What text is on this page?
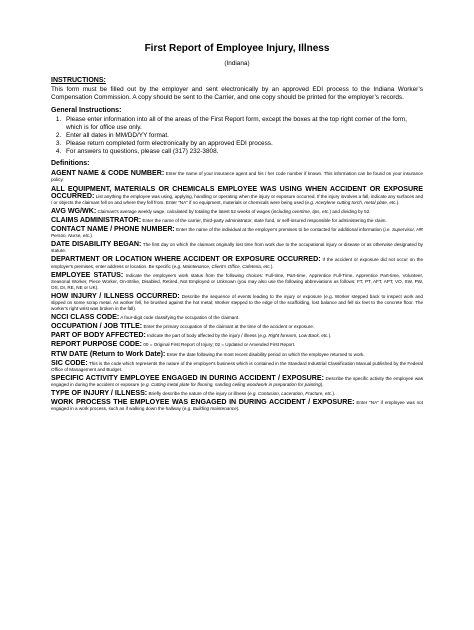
First Report of Employee Injury, Illness

(Indiana)

INSTRUCTIONS:

This form must be filled out by the employer and sent electronically by an approved EDI process to the Indiana Worker’s Compensation Commission. A copy should be sent to the Carrier, and one copy should be printed for the employer’s records.

General Instructions:

1. Please enter information into all of the areas of the First Report form, except the boxes at the top right corner of the form, which is for office use only.
2. Enter all dates in MM/DD/YY format.
3. Please return completed form electronically by an approved EDI process.
4. For answers to questions, please call (317) 232-3808.

Definitions:

AGENT NAME & CODE NUMBER: Enter the name of your insurance agent and his / her code number if known. This information can be found on your insurance policy.

ALL EQUIPMENT, MATERIALS OR CHEMICALS EMPLOYEE WAS USING WHEN ACCIDENT OR EXPOSURE OCCURRED: List anything the employee was using, applying, handling or operating when the injury or exposure occurred. If the injury involves a fall, indicate any surfaces and / or objects the claimant fell on and where they fell from. Enter "NA" if no equipment, materials or chemicals were being used (e.g. Acetylene cutting torch, metal plate, etc.).

AVG WG/WK: Claimant's average weekly wage, calculated by totaling the latest 52 weeks of wages (including overtime, tips, etc.) and dividing by 52.

CLAIMS ADMINISTRATOR: Enter the name of the carrier, third-party administrator, state fund, or self-insured responsible for administering the claim.

CONTACT NAME / PHONE NUMBER: Enter the name of the individual at the employer's premises to be contacted for additional information (i.e. Supervisor, HR Person, Nurse, etc.)

DATE DISABILITY BEGAN: The first day on which the claimant originally lost time from work due to the occupational injury or disease or as otherwise designated by statute.

DEPARTMENT OR LOCATION WHERE ACCIDENT OR EXPOSURE OCCURRED: If the accident or exposure did not occur on the employer's premises, enter address or location. Be specific (e.g. Maintenance, Client's Office, Cafeteria, etc.).

EMPLOYEE STATUS: Indicate the employee's work status from the following choices: Full-time, Part-time, Apprentice Full-Time, Apprentice Part-time, Volunteer, Seasonal Worker, Piece Worker, On-Strike, Disabled, Retired, Not Employed or Unknown (you may also use the following abbreviations as follows: FT, PT, AFT, APT, VO, SW, PW, OS, DI, RE, NE or UK).

HOW INJURY / ILLNESS OCCURRED: Describe the sequence of events leading to the injury or exposure (e.g. Worker stepped back to inspect work and slipped on some scrap metal. As worker fell, he brushed against the hot metal; Worker stepped to the edge of the scaffolding, lost balance and fell six feet to the concrete floor. The worker's right wrist was broken in the fall).

NCCI CLASS CODE: A four-digit code classifying the occupation of the claimant.

OCCUPATION / JOB TITLE: Enter the primary occupation of the claimant at the time of the accident or exposure.

PART OF BODY AFFECTED: Indicate the part of body affected by the injury / illness (e.g. Right forearm, Low Back, etc.).

REPORT PURPOSE CODE: 00 = Original First Report of Injury; 02 = Updated or Amended First Report.

RTW DATE (Return to Work Date): Enter the date following the most recent disability period on which the employee returned to work.

SIC CODE: This is the code which represents the nature of the employer's business which is contained in the Standard Industrial Classification Manual published by the Federal Office of Management and Budget.

SPECIFIC ACTIVITY EMPLOYEE ENGAGED IN DURING ACCIDENT / EXPOSURE: Describe the specific activity the employee was engaged in during the accident or exposure (e.g. Cutting metal plate for flooring, sanding ceiling woodwork in preparation for painting).

TYPE OF INJURY / ILLNESS: Briefly describe the nature of the injury or illness (e.g. Contusion, Laceration, Fracture, etc.).

WORK PROCESS THE EMPLOYEE WAS ENGAGED IN DURING ACCIDENT / EXPOSURE: Enter "NA" if employee was not engaged in a work process, such as if walking down the hallway (e.g. Building maintenance).
